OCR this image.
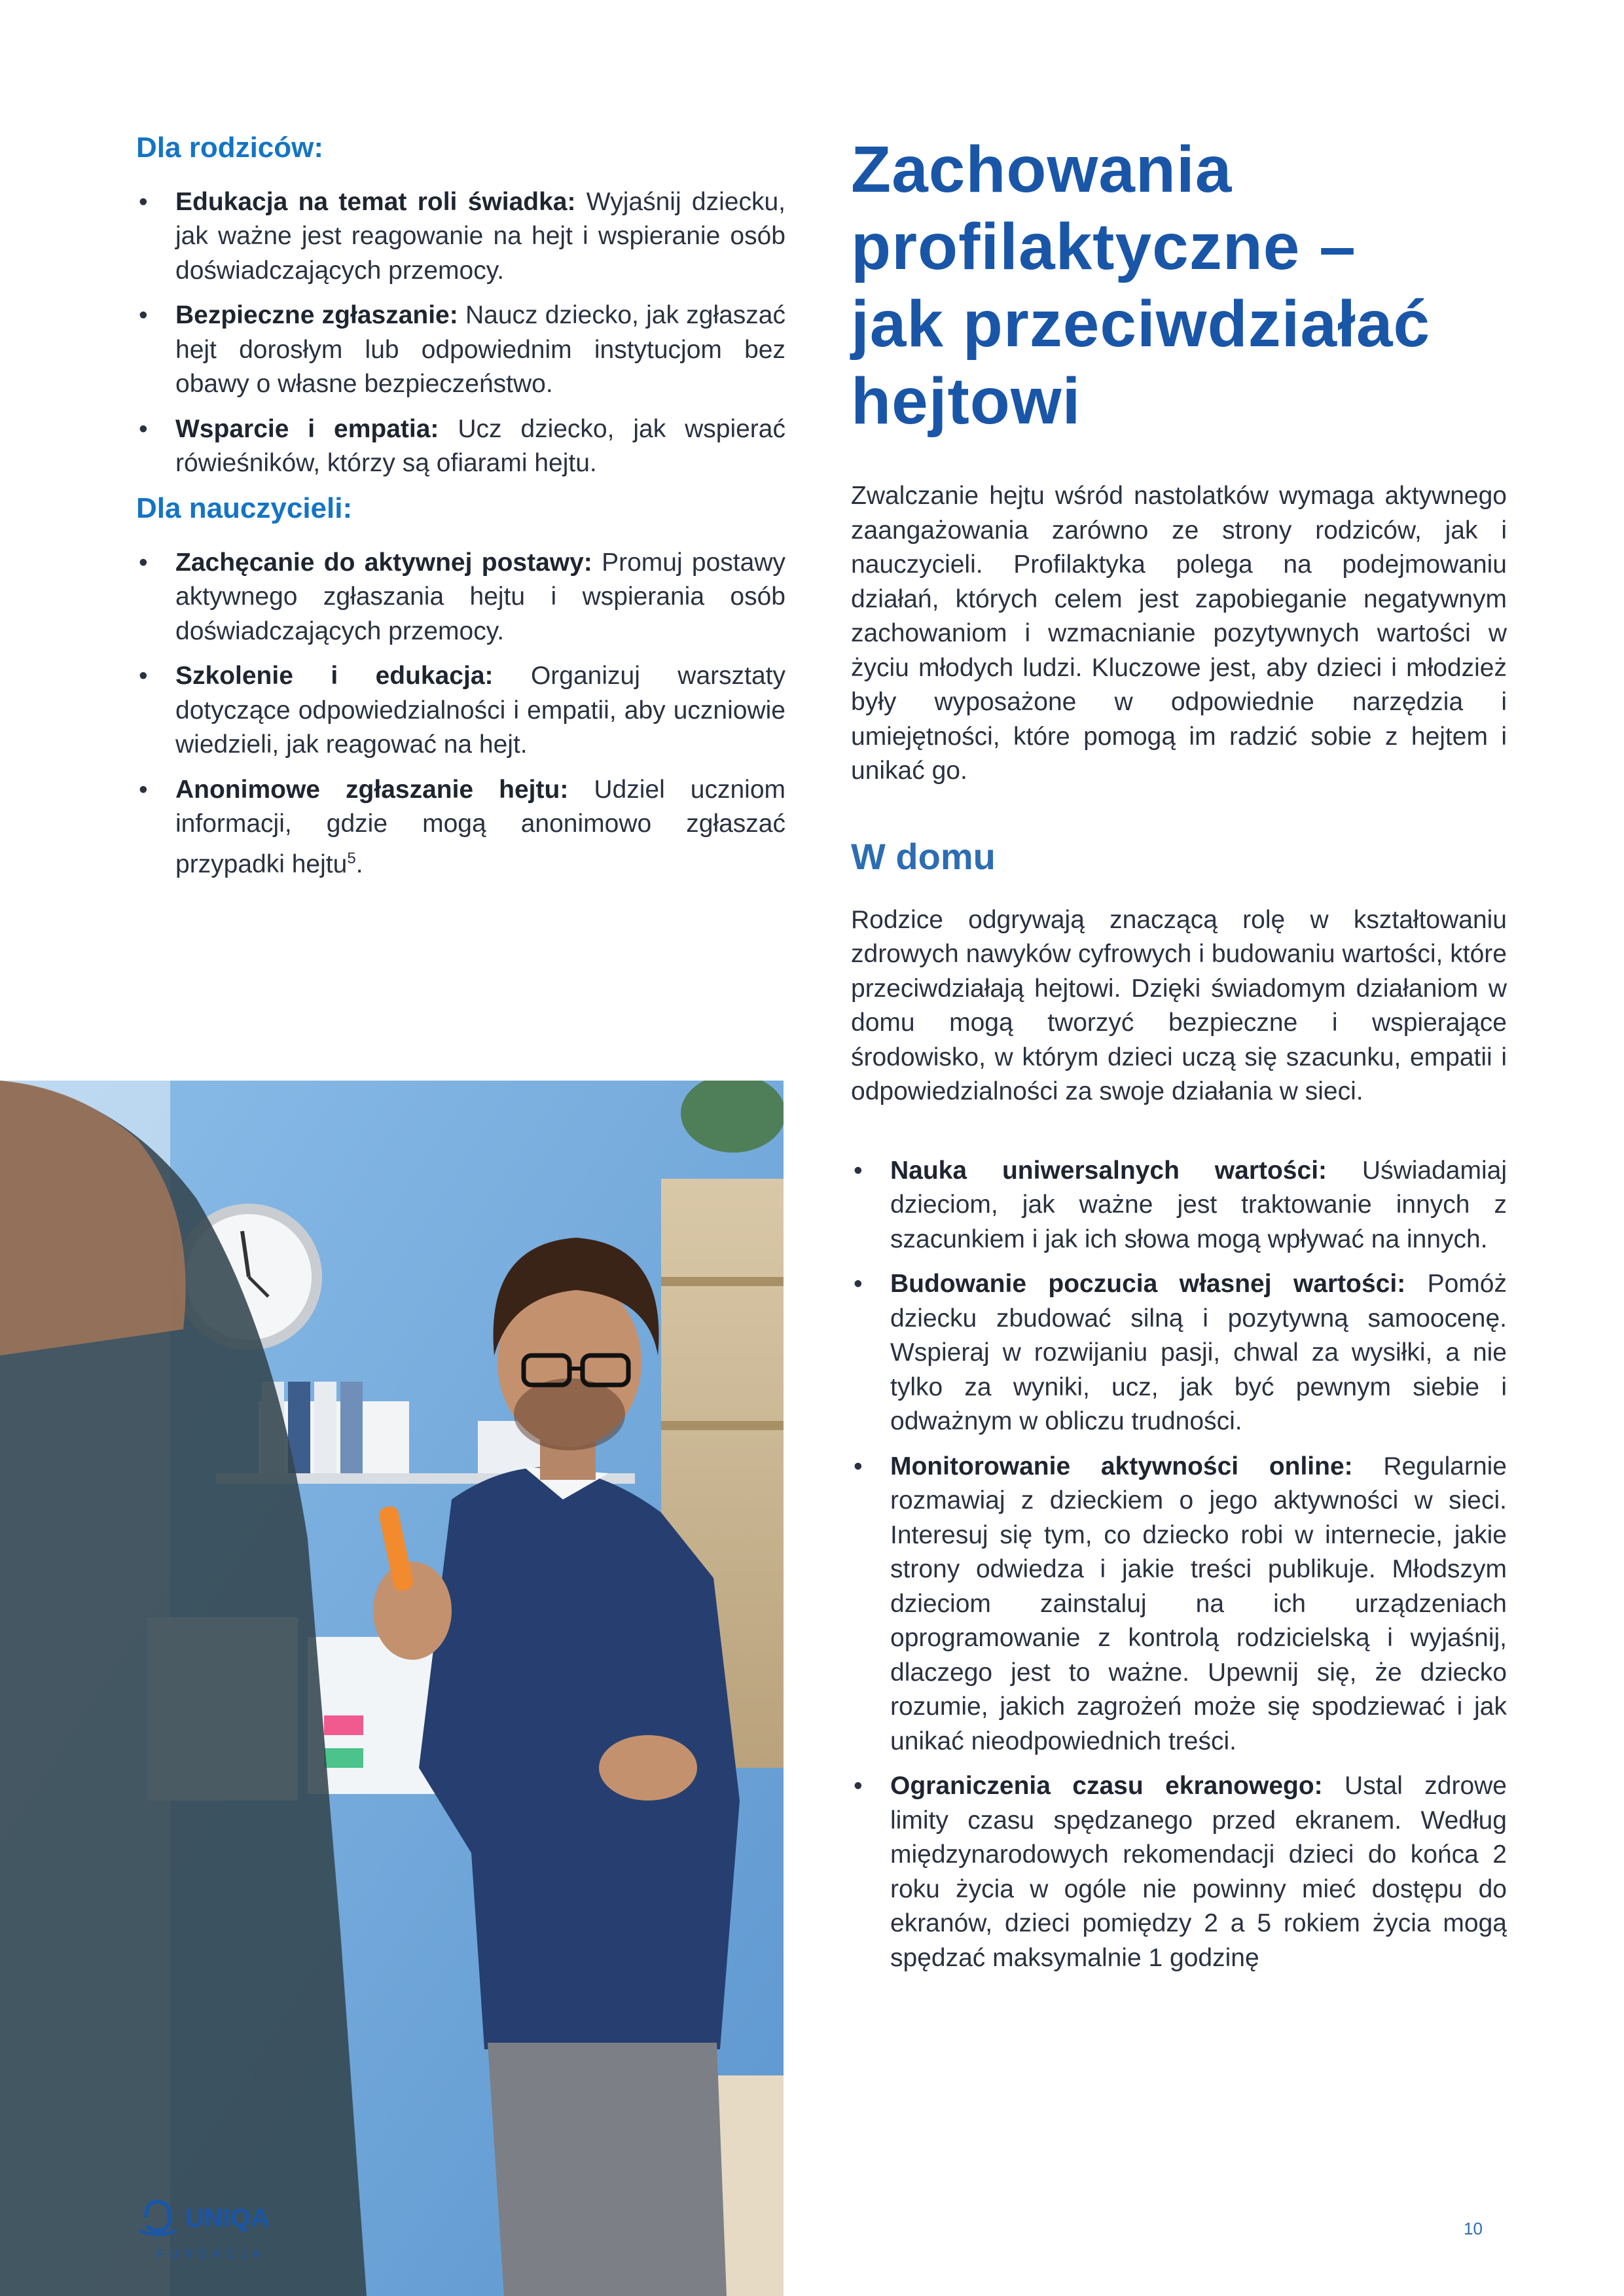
Dla rodziców:
•	Edukacja na temat roli świadka: Wyjaśnij dziecku, jak ważne jest reagowanie na hejt i wspieranie osób doświadczających przemocy.
•	Bezpieczne zgłaszanie: Naucz dziecko, jak zgłaszać hejt dorosłym lub odpowiednim instytucjom bez obawy o własne bezpieczeństwo.
•	Wsparcie i empatia: Ucz dziecko, jak wspierać rówieśników, którzy są ofiarami hejtu.
Dla nauczycieli:
•	Zachęcanie do aktywnej postawy: Promuj postawy aktywnego zgłaszania hejtu i wspierania osób doświadczających przemocy.
•	Szkolenie i edukacja: Organizuj warsztaty dotyczące odpowiedzialności i empatii, aby uczniowie wiedzieli, jak reagować na hejt.
•	Anonimowe zgłaszanie hejtu: Udziel uczniom informacji, gdzie mogą anonimowo zgłaszać przypadki hejtu$^5$.
Zachowania
profilaktyczne –
jak przeciwdziałać
hejtowi

Zwalczanie hejtu wśród nastolatków wymaga aktywnego zaangażowania zarówno ze strony rodziców, jak i nauczycieli. Profilaktyka polega na podejmowaniu działań, których celem jest zapobieganie negatywnym zachowaniom i wzmacnianie pozytywnych wartości w życiu młodych ludzi. Kluczowe jest, aby dzieci i młodzież były wyposażone w odpowiednie narzędzia i umiejętności, które pomogą im radzić sobie z hejtem i unikać go.

W domu

Rodzice odgrywają znaczącą rolę w kształtowaniu zdrowych nawyków cyfrowych i budowaniu wartości, które przeciwdziałają hejtowi. Dzięki świadomym działaniom w domu mogą tworzyć bezpieczne i wspierające środowisko, w którym dzieci uczą się szacunku, empatii i odpowiedzialności za swoje działania w sieci.

•	Nauka uniwersalnych wartości: Uświadamiaj dzieciom, jak ważne jest traktowanie innych z szacunkiem i jak ich słowa mogą wpływać na innych.
•	Budowanie poczucia własnej wartości: Pomóż dziecku zbudować silną i pozytywną samoocenę. Wspieraj w rozwijaniu pasji, chwal za wysiłki, a nie tylko za wyniki, ucz, jak być pewnym siebie i odważnym w obliczu trudności.
•	Monitorowanie aktywności online: Regularnie rozmawiaj z dzieckiem o jego aktywności w sieci. Interesuj się tym, co dziecko robi w internecie, jakie strony odwiedza i jakie treści publikuje. Młodszym dzieciom zainstaluj na ich urządzeniach oprogramowanie z kontrolą rodzicielską i wyjaśnij, dlaczego jest to ważne. Upewnij się, że dziecko rozumie, jakich zagrożeń może się spodziewać i jak unikać nieodpowiednich treści.
•	Ograniczenia czasu ekranowego: Ustal zdrowe limity czasu spędzanego przed ekranem. Według międzynarodowych rekomendacji dzieci do końca 2 roku życia w ogóle nie powinny mieć dostępu do ekranów, dzieci pomiędzy 2 a 5 rokiem życia mogą spędzać maksymalnie 1 godzinę
UNIQA
FUNDACJA
10
